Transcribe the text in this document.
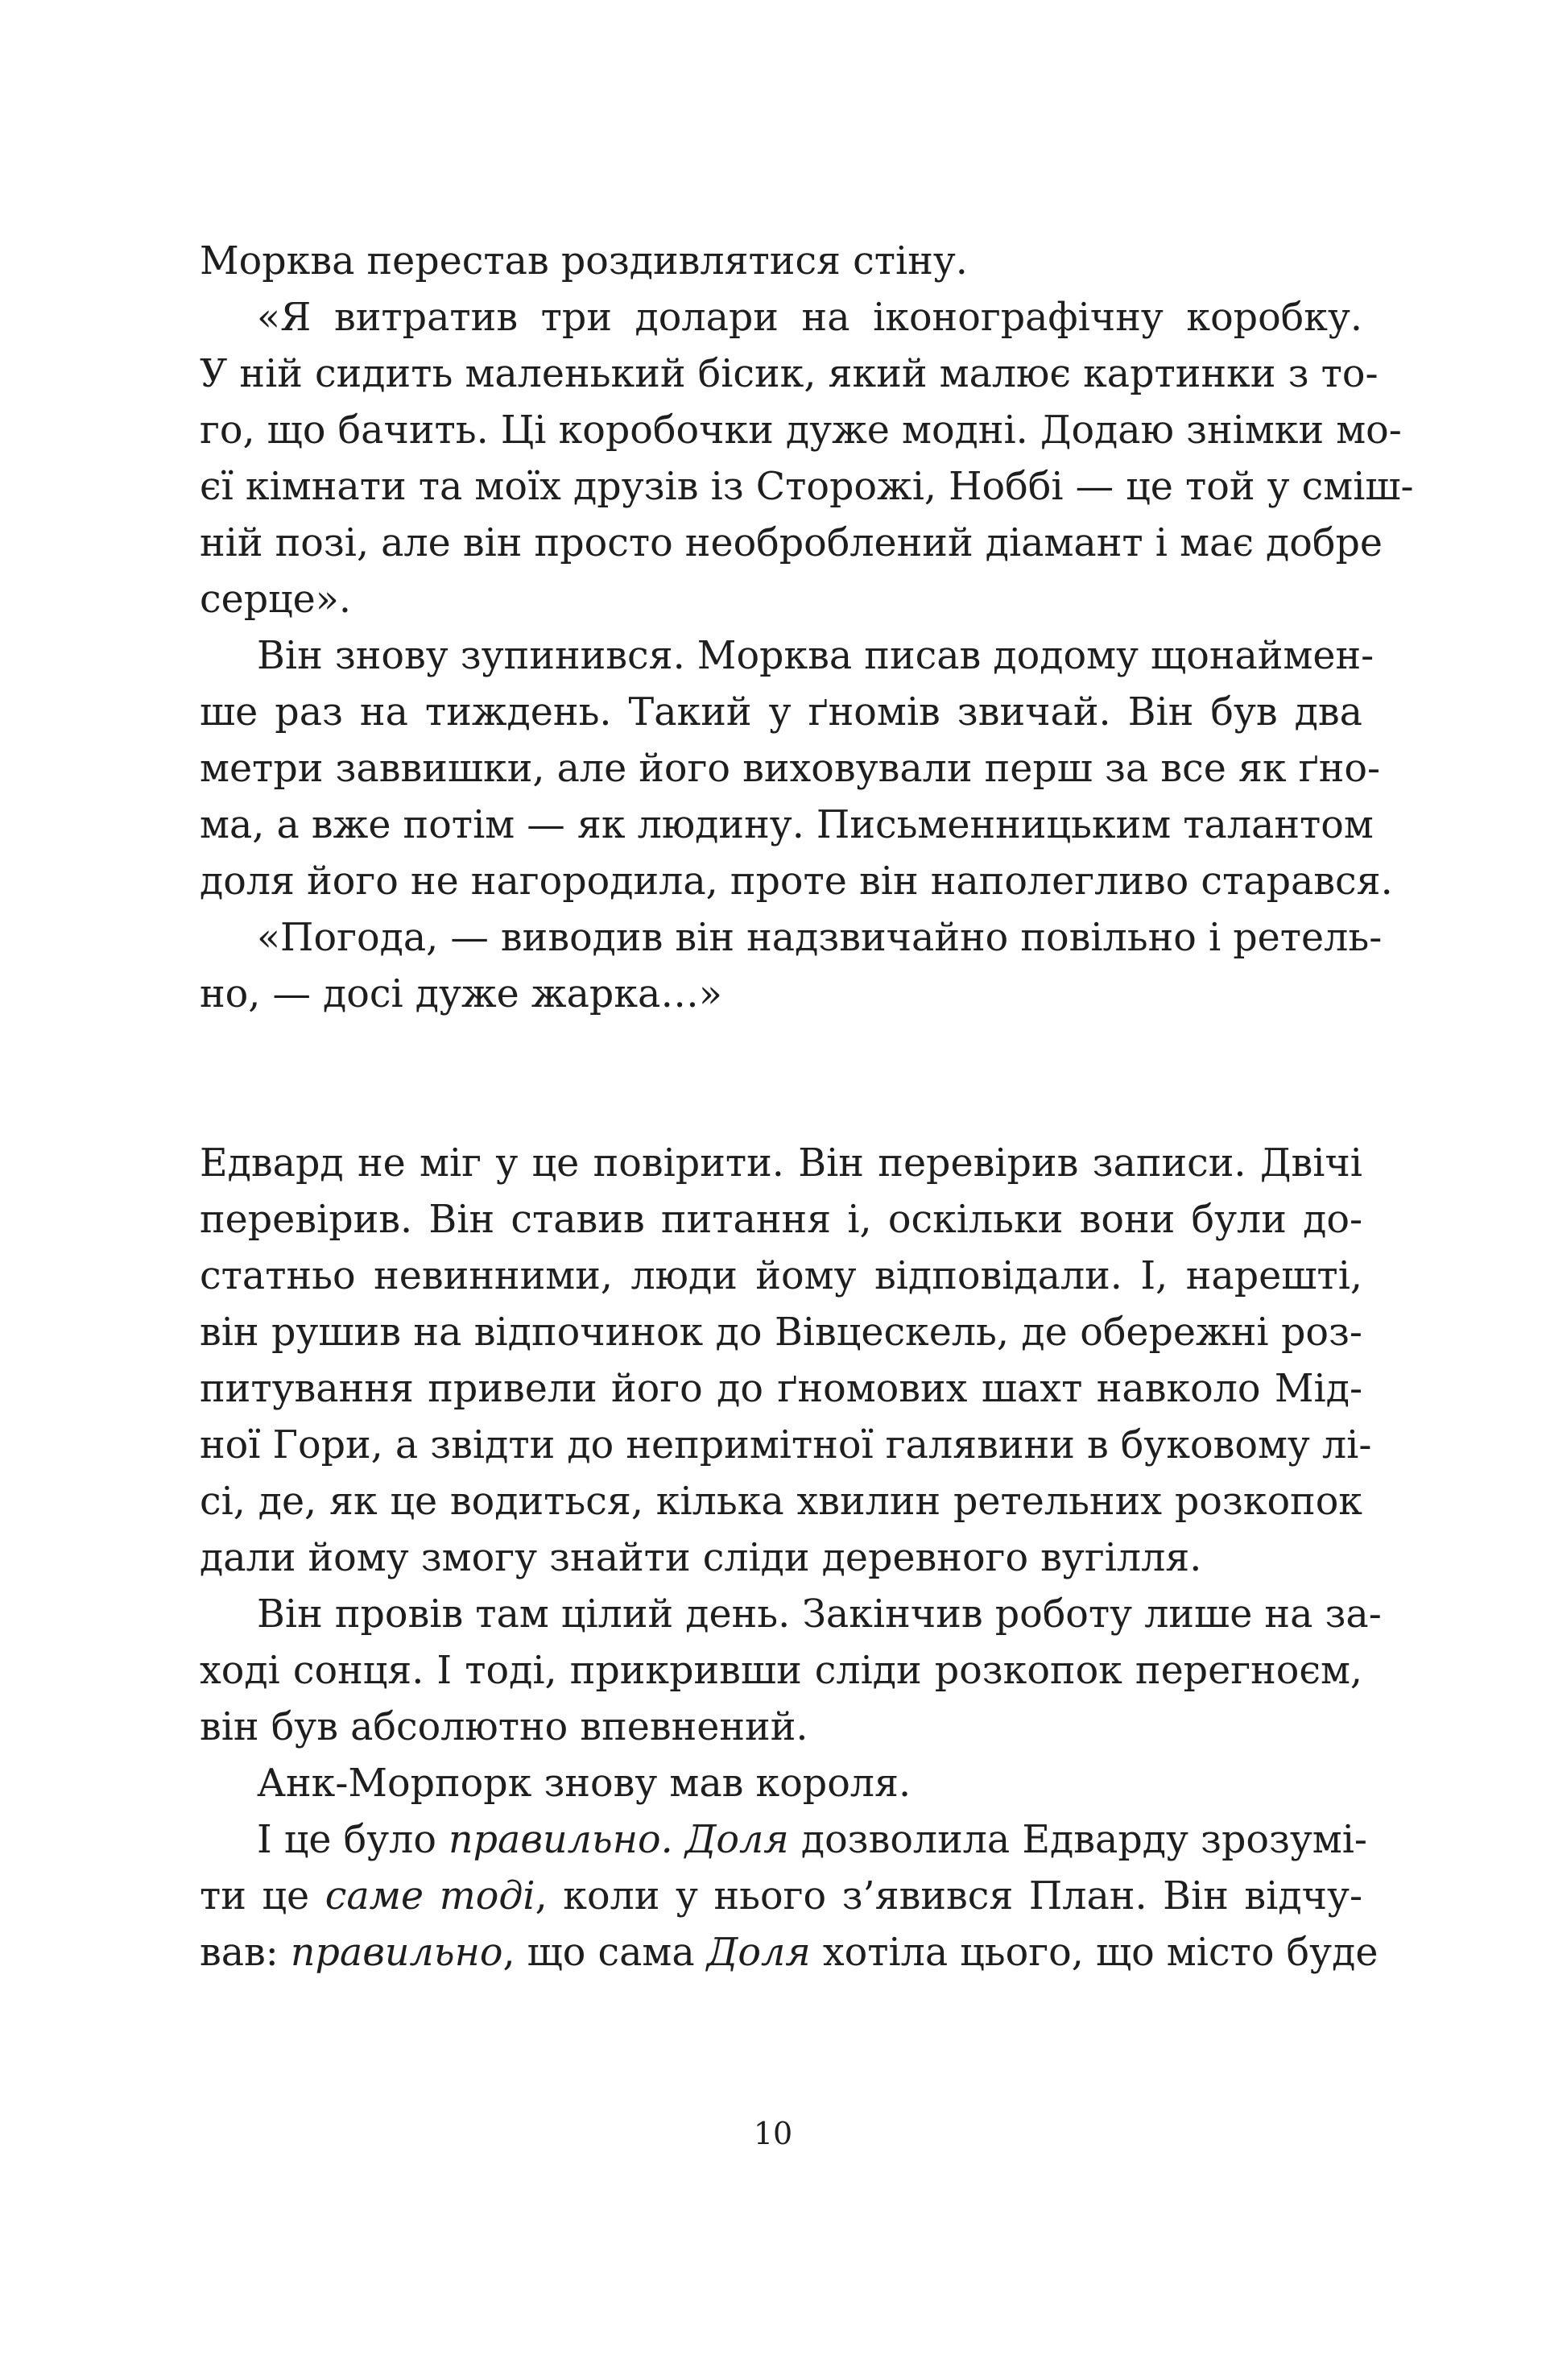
Морква перестав роздивлятися стіну.
«Я витратив три долари на іконографічну коробку.
У ній сидить маленький бісик, який малює картинки з то-
го, що бачить. Ці коробочки дуже модні. Додаю знімки мо-
єї кімнати та моїх друзів із Сторожі, Ноббі — це той у сміш-
ній позі, але він просто необроблений діамант і має добре
серце».
Він знову зупинився. Морква писав додому щонаймен-
ше раз на тиждень. Такий у ґномів звичай. Він був два
метри заввишки, але його виховували перш за все як ґно-
ма, а вже потім — як людину. Письменницьким талантом
доля його не нагородила, проте він наполегливо старався.
«Погода, — виводив він надзвичайно повільно і ретель-
но, — досі дуже жарка…»
Едвард не міг у це повірити. Він перевірив записи. Двічі
перевірив. Він ставив питання і, оскільки вони були до-
статньо невинними, люди йому відповідали. І, нарешті,
він рушив на відпочинок до Вівцескель, де обережні роз-
питування привели його до ґномових шахт навколо Мід-
ної Гори, а звідти до непримітної галявини в буковому лі-
сі, де, як це водиться, кілька хвилин ретельних розкопок
дали йому змогу знайти сліди деревного вугілля.
Він провів там цілий день. Закінчив роботу лише на за-
ході сонця. І тоді, прикривши сліди розкопок перегноєм,
він був абсолютно впевнений.
Анк-Морпорк знову мав короля.
І це було правильно. Доля дозволила Едварду зрозумі-
ти це саме тоді, коли у нього з’явився План. Він відчу-
вав: правильно, що сама Доля хотіла цього, що місто буде
10
